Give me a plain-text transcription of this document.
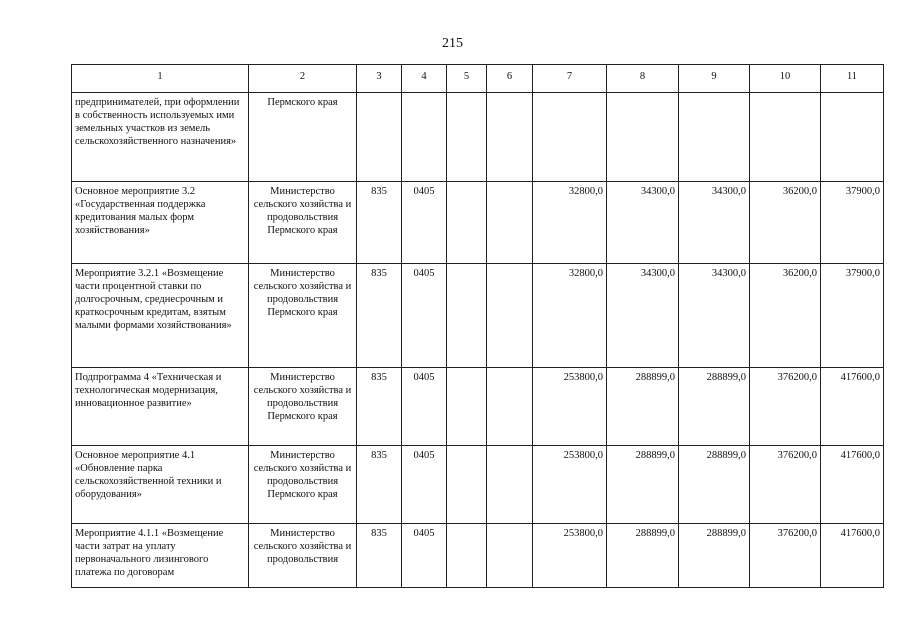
215
1	2	3	4	5	6	7	8	9	10	11
предпринимателей, при оформлении в собственность используемых ими земельных участков из земель сельскохозяйственного назначения»	Пермского края									
Основное мероприятие 3.2 «Государственная поддержка кредитования малых форм хозяйствования»	Министерство сельского хозяйства и продовольствия Пермского края	835	0405			32800,0	34300,0	34300,0	36200,0	37900,0
Мероприятие 3.2.1 «Возмещение части процентной ставки по долгосрочным, среднесрочным и краткосрочным кредитам, взятым малыми формами хозяйствования»	Министерство сельского хозяйства и продовольствия Пермского края	835	0405			32800,0	34300,0	34300,0	36200,0	37900,0
Подпрограмма 4 «Техническая и технологическая модернизация, инновационное развитие»	Министерство сельского хозяйства и продовольствия Пермского края	835	0405			253800,0	288899,0	288899,0	376200,0	417600,0
Основное мероприятие 4.1 «Обновление парка сельскохозяйственной техники и оборудования»	Министерство сельского хозяйства и продовольствия Пермского края	835	0405			253800,0	288899,0	288899,0	376200,0	417600,0
Мероприятие 4.1.1 «Возмещение части затрат на уплату первоначального лизингового платежа по договорам	Министерство сельского хозяйства и продовольствия	835	0405			253800,0	288899,0	288899,0	376200,0	417600,0
